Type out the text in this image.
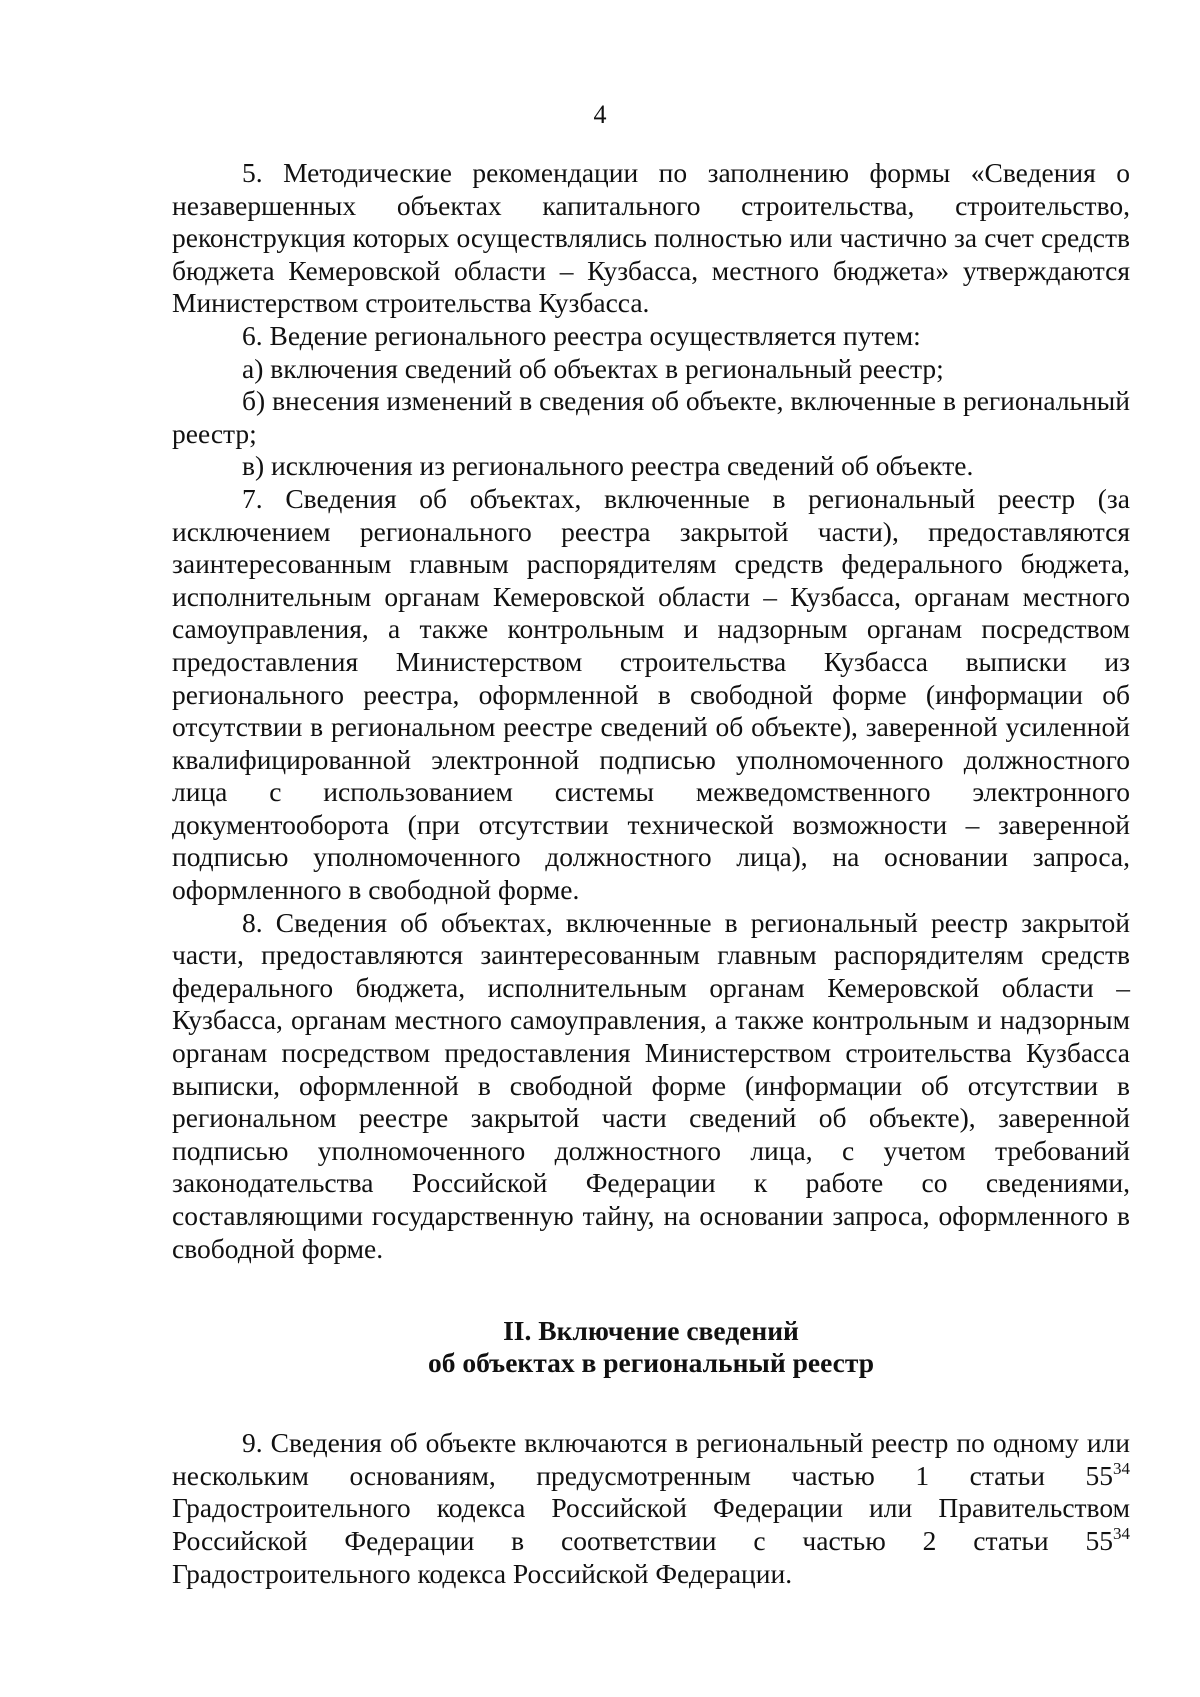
4

5. Методические рекомендации по заполнению формы «Сведения о незавершенных объектах капитального строительства, строительство, реконструкция которых осуществлялись полностью или частично за счет средств бюджета Кемеровской области – Кузбасса, местного бюджета» утверждаются Министерством строительства Кузбасса.

6. Ведение регионального реестра осуществляется путем:

а) включения сведений об объектах в региональный реестр;

б) внесения изменений в сведения об объекте, включенные в региональный реестр;

в) исключения из регионального реестра сведений об объекте.

7. Сведения об объектах, включенные в региональный реестр (за исключением регионального реестра закрытой части), предоставляются заинтересованным главным распорядителям средств федерального бюджета, исполнительным органам Кемеровской области – Кузбасса, органам местного самоуправления, а также контрольным и надзорным органам посредством предоставления Министерством строительства Кузбасса выписки из регионального реестра, оформленной в свободной форме (информации об отсутствии в региональном реестре сведений об объекте), заверенной усиленной квалифицированной электронной подписью уполномоченного должностного лица с использованием системы межведомственного электронного документооборота (при отсутствии технической возможности – заверенной подписью уполномоченного должностного лица), на основании запроса, оформленного в свободной форме.

8. Сведения об объектах, включенные в региональный реестр закрытой части, предоставляются заинтересованным главным распорядителям средств федерального бюджета, исполнительным органам Кемеровской области – Кузбасса, органам местного самоуправления, а также контрольным и надзорным органам посредством предоставления Министерством строительства Кузбасса выписки, оформленной в свободной форме (информации об отсутствии в региональном реестре закрытой части сведений об объекте), заверенной подписью уполномоченного должностного лица, с учетом требований законодательства Российской Федерации к работе со сведениями, составляющими государственную тайну, на основании запроса, оформленного в свободной форме.

II. Включение сведений
об объектах в региональный реестр

9. Сведения об объекте включаются в региональный реестр по одному или нескольким основаниям, предусмотренным частью 1 статьи $55^{34}$ Градостроительного кодекса Российской Федерации или Правительством Российской Федерации в соответствии с частью 2 статьи $55^{34}$ Градостроительного кодекса Российской Федерации.
